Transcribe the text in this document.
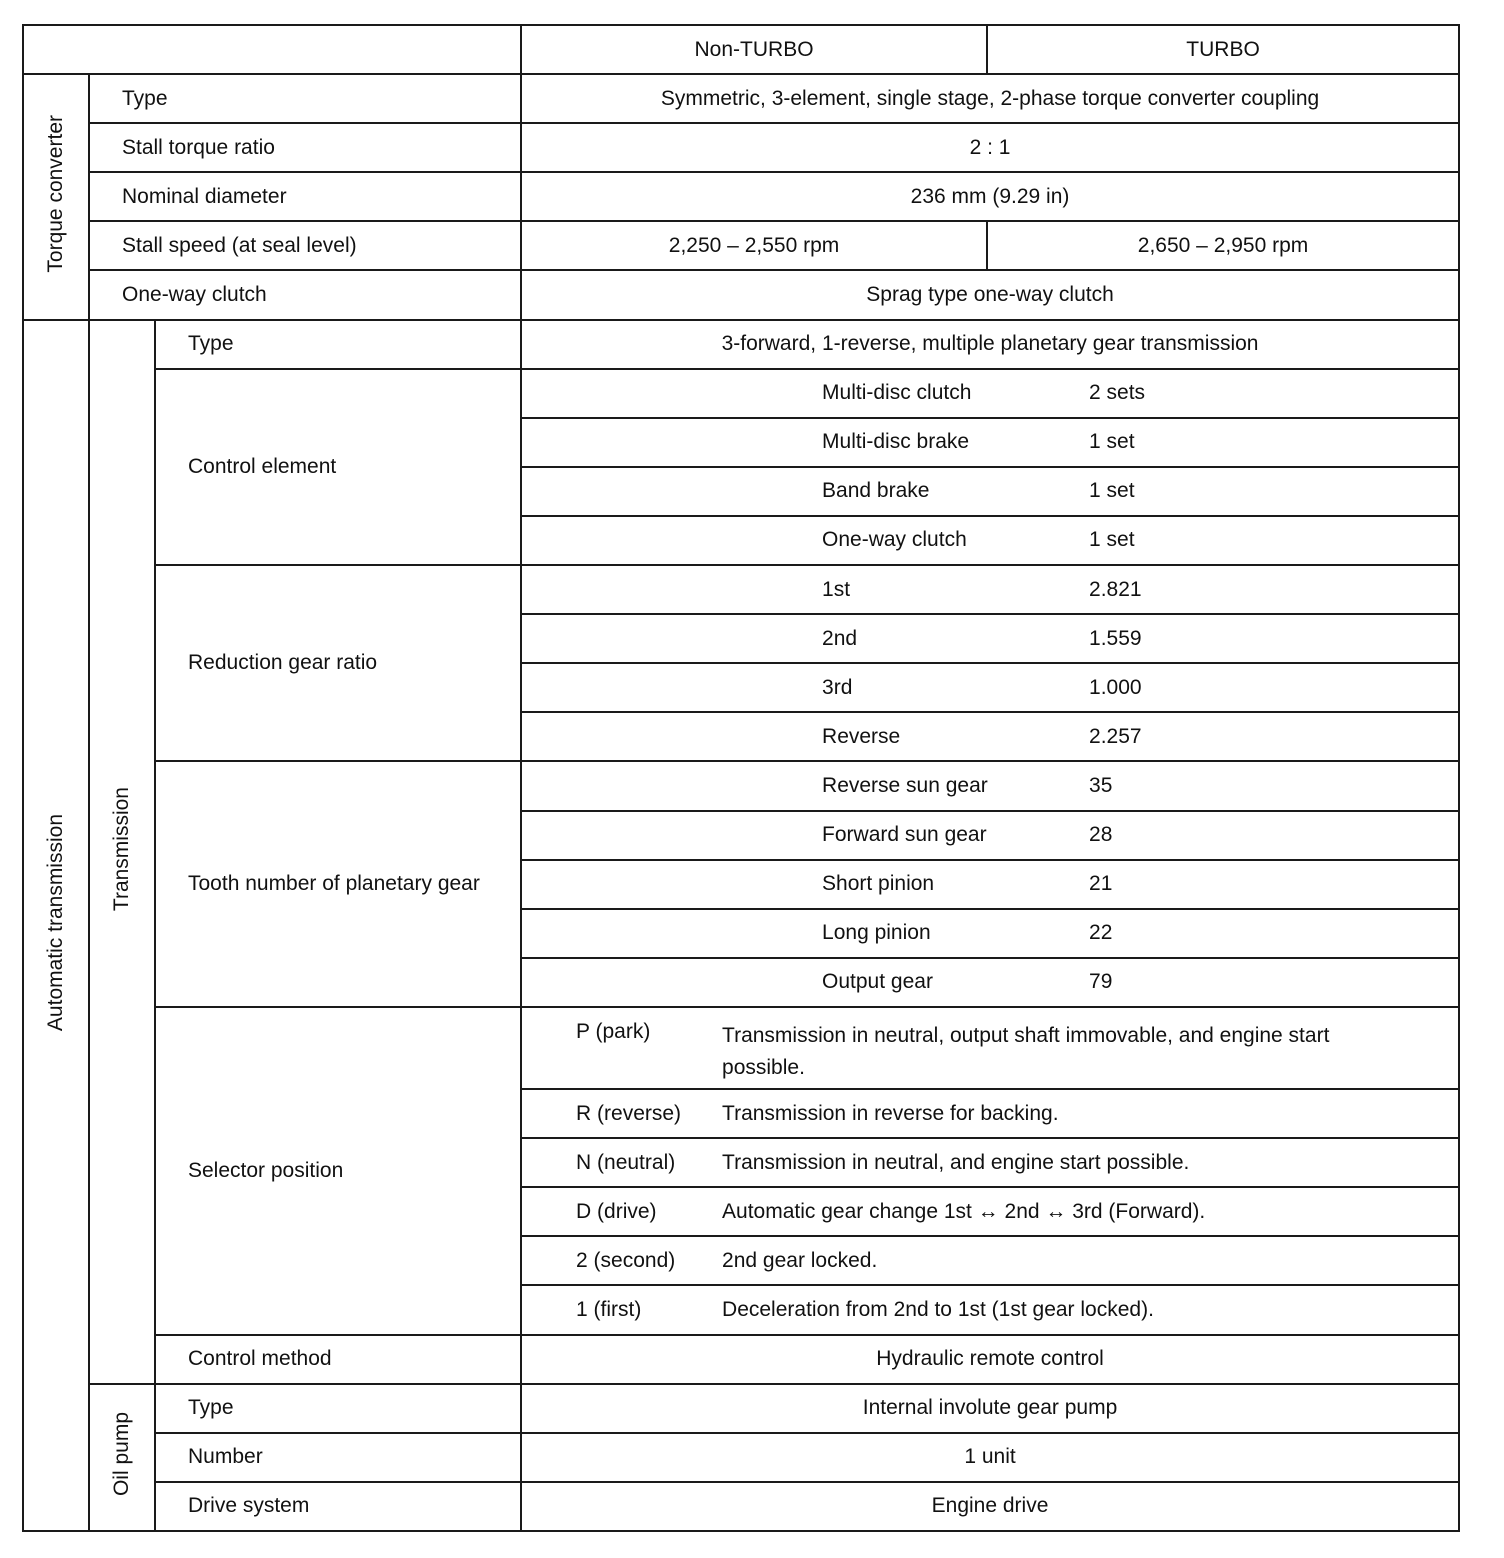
			Non-TURBO	TURBO
Torque converter	Type		Symmetric, 3-element, single stage, 2-phase torque converter coupling	
	Stall torque ratio		2 : 1	
	Nominal diameter		236 mm (9.29 in)	
	Stall speed (at seal level)		2,250 – 2,550 rpm	2,650 – 2,950 rpm
	One-way clutch		Sprag type one-way clutch	
Automatic transmission	Transmission	Type	3-forward, 1-reverse, multiple planetary gear transmission	
		Control element	Multi-disc clutch 2 sets	

			Multi-disc brake 1 set	

			Band brake 1 set	

			One-way clutch 1 set	

		Reduction gear ratio	1st 2.821	

			2nd 1.559	

			3rd 1.000	

			Reverse 2.257	

		Tooth number of planetary gear	Reverse sun gear 35	

			Forward sun gear 28	

			Short pinion 21	

			Long pinion 22	

			Output gear 79	

		Selector position	P (park) Transmission in neutral, output shaft immovable, and engine start possible.	

			R (reverse) Transmission in reverse for backing.	

			N (neutral) Transmission in neutral, and engine start possible.	

			D (drive) Automatic gear change 1st ↔ 2nd ↔ 3rd (Forward).	

			2 (second) 2nd gear locked.	

			1 (first) Deceleration from 2nd to 1st (1st gear locked).	

		Control method	Hydraulic remote control	
	Oil pump	Type	Internal involute gear pump	
		Number	1 unit	
		Drive system	Engine drive	
